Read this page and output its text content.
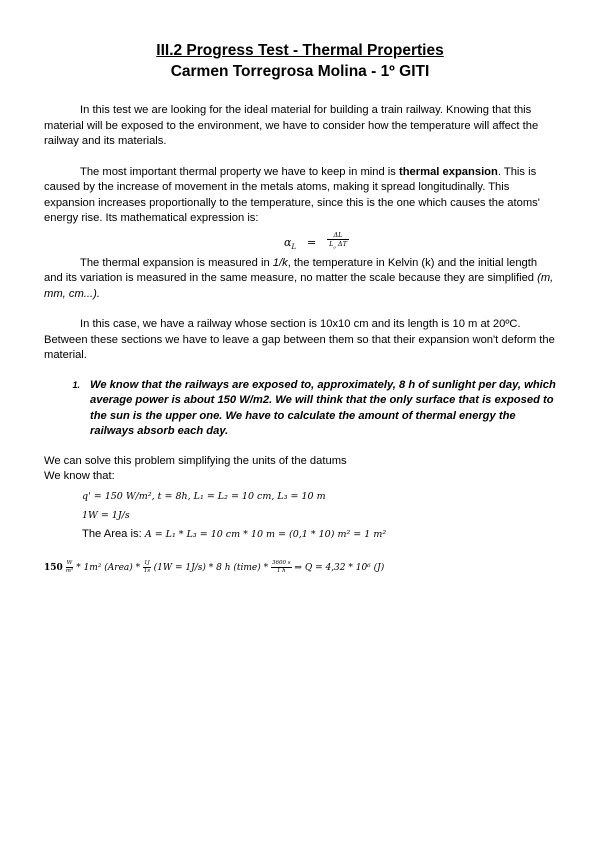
III.2 Progress Test - Thermal Properties
Carmen Torregrosa Molina - 1º GITI

In this test we are looking for the ideal material for building a train railway. Knowing that this material will be exposed to the environment, we have to consider how the temperature will affect the railway and its materials.

The most important thermal property we have to keep in mind is thermal expansion. This is caused by the increase of movement in the metals atoms, making it spread longitudinally. This expansion increases proportionally to the temperature, since this is the one which causes the atoms' energy rise. Its mathematical expression is:

$\alpha_L = \frac{\Delta L}{L_o \Delta T}$

The thermal expansion is measured in 1/k, the temperature in Kelvin (k) and the initial length and its variation is measured in the same measure, no matter the scale because they are simplified (m, mm, cm...).

In this case, we have a railway whose section is 10x10 cm and its length is 10 m at 20ºC. Between these sections we have to leave a gap between them so that their expansion won't deform the material.

1. We know that the railways are exposed to, approximately, 8 h of sunlight per day, which average power is about 150 W/m2. We will think that the only surface that is exposed to the sun is the upper one. We have to calculate the amount of thermal energy the railways absorb each day.

We can solve this problem simplifying the units of the datums

We know that:

q' = 150 W/m², t = 8h, L₁ = L₂ = 10 cm, L₃ = 10 m
1W = 1J/s
The Area is: A = L₁ * L₃ = 10 cm * 10 m = (0,1 * 10) m² = 1 m²
$150 \frac{W}{\text{m²}} * 1m^2$ (Area) * $\frac{1J}{1s} (1W = 1J/s) * 8$ h (time) * $\frac{3600 s}{1 h}$ ⇒ Q = 4,32 * 10⁶ (J)
